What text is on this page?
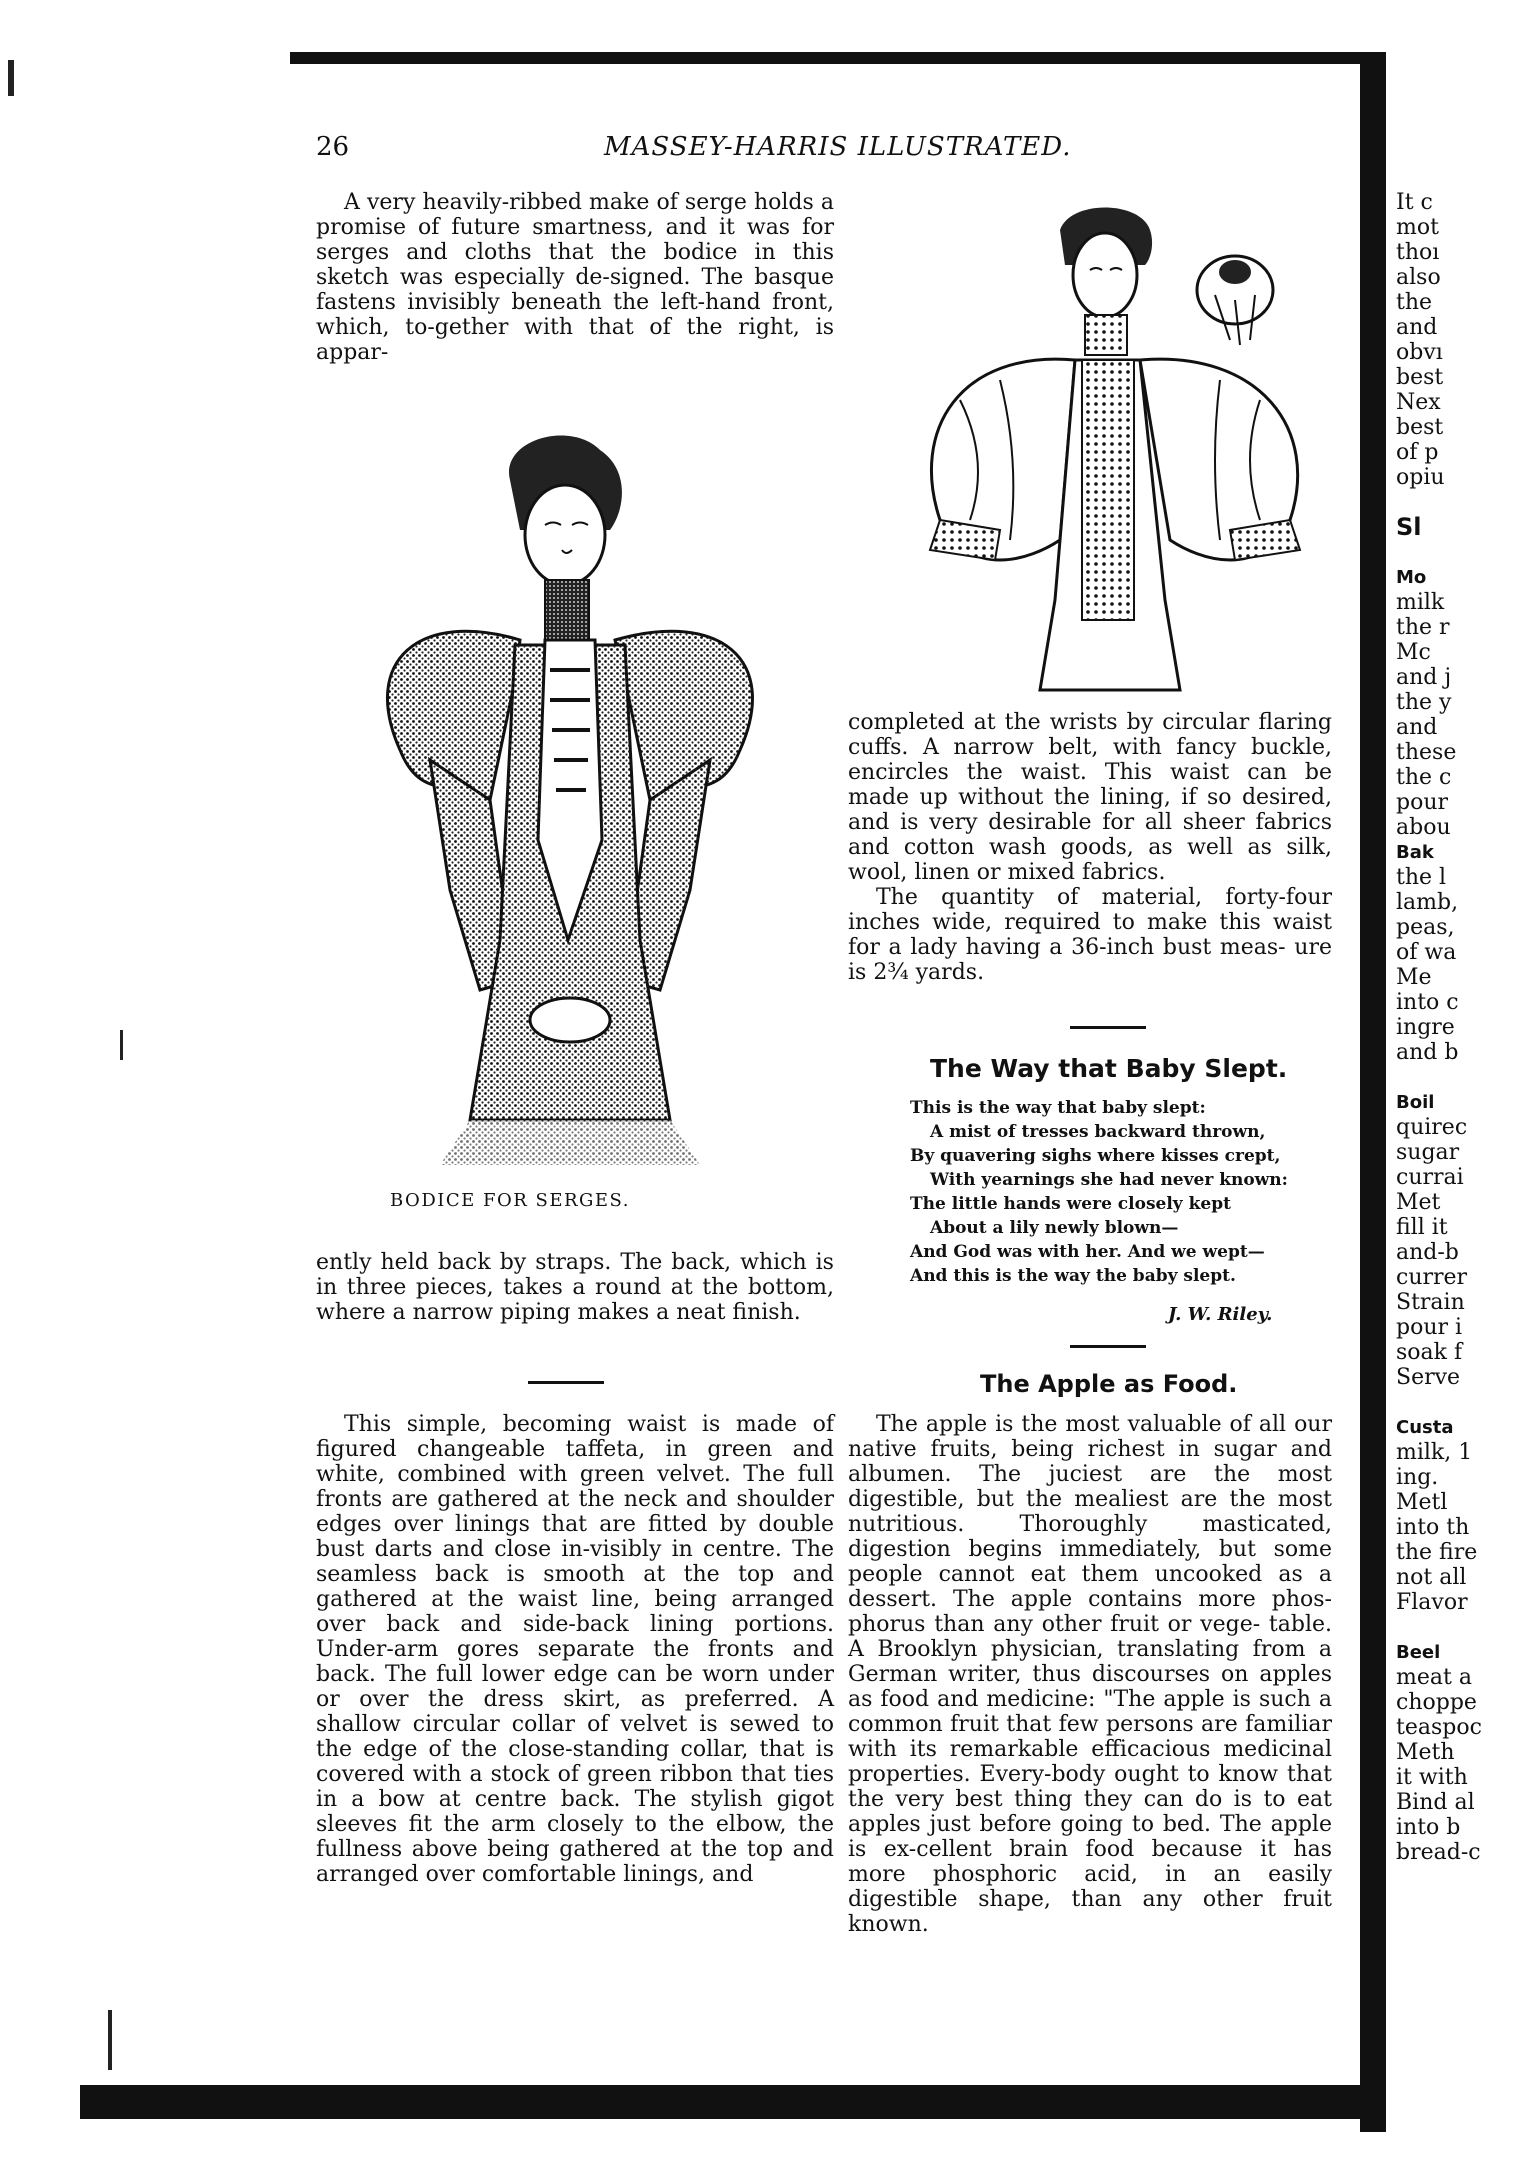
26	MASSEY-HARRIS ILLUSTRATED.

A very heavily-ribbed make of serge holds a promise of future smartness, and it was for serges and cloths that the bodice in this sketch was especially de-signed. The basque fastens invisibly beneath the left-hand front, which, to-gether with that of the right, is appar-

BODICE FOR SERGES.

ently held back by straps. The back, which is in three pieces, takes a round at the bottom, where a narrow piping makes a neat finish.

This simple, becoming waist is made of figured changeable taffeta, in green and white, combined with green velvet. The full fronts are gathered at the neck and shoulder edges over linings that are fitted by double bust darts and close in-visibly in centre. The seamless back is smooth at the top and gathered at the waist line, being arranged over back and side-back lining portions. Under-arm gores separate the fronts and back. The full lower edge can be worn under or over the dress skirt, as preferred. A shallow circular collar of velvet is sewed to the edge of the close-standing collar, that is covered with a stock of green ribbon that ties in a bow at centre back. The stylish gigot sleeves fit the arm closely to the elbow, the fullness above being gathered at the top and arranged over comfortable linings, and

completed at the wrists by circular flaring cuffs. A narrow belt, with fancy buckle, encircles the waist. This waist can be made up without the lining, if so desired, and is very desirable for all sheer fabrics and cotton wash goods, as well as silk, wool, linen or mixed fabrics.

The quantity of material, forty-four inches wide, required to make this waist for a lady having a 36-inch bust meas- ure is 2¾ yards.

The Way that Baby Slept.
This is the way that baby slept:
A mist of tresses backward thrown,
By quavering sighs where kisses crept,
With yearnings she had never known:
The little hands were closely kept
About a lily newly blown—
And God was with her. And we wept—
And this is the way the baby slept.
J. W. Riley.
The Apple as Food.

The apple is the most valuable of all our native fruits, being richest in sugar and albumen. The juciest are the most digestible, but the mealiest are the most nutritious. Thoroughly masticated, digestion begins immediately, but some people cannot eat them uncooked as a dessert. The apple contains more phos-phorus than any other fruit or vege- table. A Brooklyn physician, translating from a German writer, thus discourses on apples as food and medicine: "The apple is such a common fruit that few persons are familiar with its remarkable efficacious medicinal properties. Every-body ought to know that the very best thing they can do is to eat apples just before going to bed. The apple is ex-cellent brain food because it has more phosphoric acid, in an easily digestible shape, than any other fruit known.

It c
mot
thoı
also
the
and
obvı
best
Nex
best
of p
opiu
Sl
Mo
milk
the r
Mc
and j
the y
and
these
the c
pour
abou
Bak
the l
lamb,
peas,
of wa
Me
into c
ingre
and b
Boil
quirec
sugar
currai
Met
fill it
and-b
currer
Strain
pour i
soak f
Serve
Custa
milk, 1
ing.
Metl
into th
the fire
not all
Flavor
Beel
meat a
choppe
teaspoc
Meth
it with
Bind al
into b
bread-c
